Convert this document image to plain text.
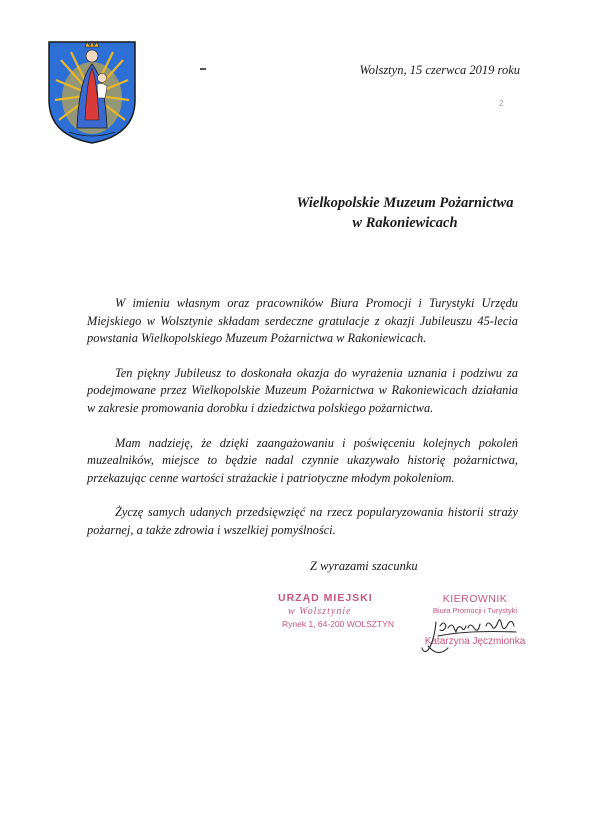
2
Wolsztyn, 15 czerwca 2019 roku
Wielkopolskie Muzeum Pożarnictwa
w Rakoniewicach

W imieniu własnym oraz pracowników Biura Promocji i Turystyki Urzędu Miejskiego w Wolsztynie składam serdeczne gratulacje z okazji Jubileuszu 45-lecia powstania Wielkopolskiego Muzeum Pożarnictwa w Rakoniewicach.

Ten piękny Jubileusz to doskonała okazja do wyrażenia uznania i podziwu za podejmowane przez Wielkopolskie Muzeum Pożarnictwa w Rakoniewicach działania w zakresie promowania dorobku i dziedzictwa polskiego pożarnictwa.

Mam nadzieję, że dzięki zaangażowaniu i poświęceniu kolejnych pokoleń muzealników, miejsce to będzie nadal czynnie ukazywało historię pożarnictwa, przekazując cenne wartości strażackie i patriotyczne młodym pokoleniom.

Życzę samych udanych przedsięwzięć na rzecz popularyzowania historii straży pożarnej, a także zdrowia i wszelkiej pomyślności.

Z wyrazami szacunku
URZĄD MIEJSKI
w Wolsztynie
Rynek 1, 64-200 WOLSZTYN
KIEROWNIK
Biura Promocji i Turystyki
Katarzyna Jęczmionka
